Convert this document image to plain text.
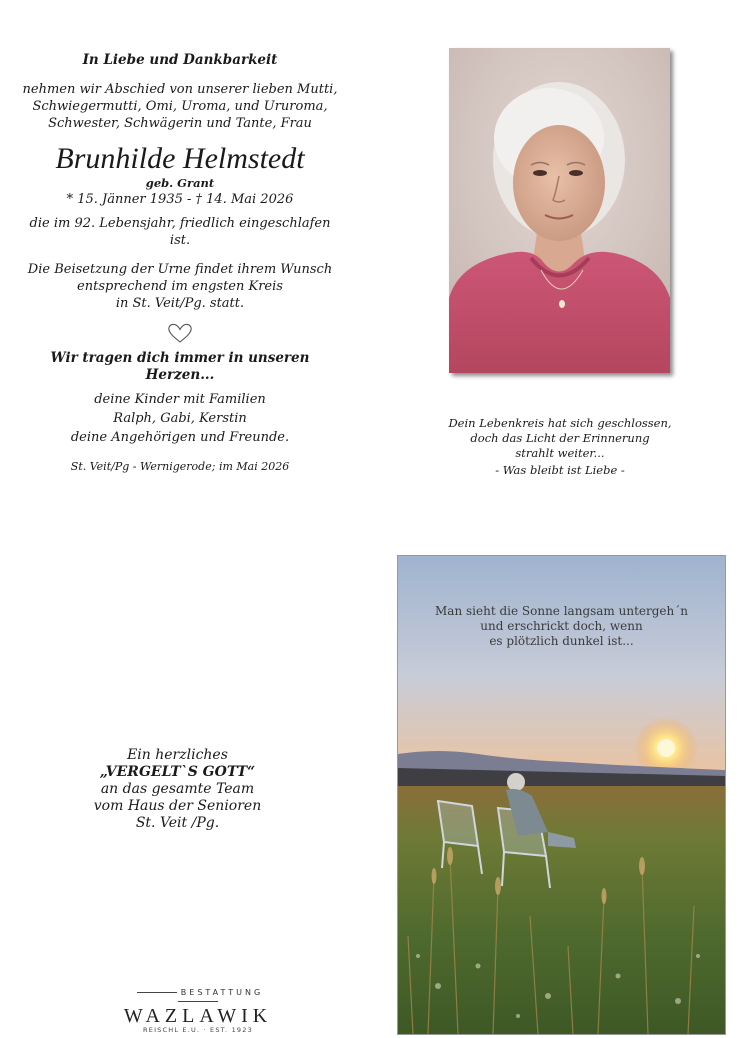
In Liebe und Dankbarkeit
nehmen wir Abschied von unserer lieben Mutti,
Schwiegermutti, Omi, Uroma, und Ururoma,
Schwester, Schwägerin und Tante, Frau
Brunhilde Helmstedt
geb. Grant
* 15. Jänner 1935 - † 14. Mai 2026
die im 92. Lebensjahr, friedlich eingeschlafen ist.
Die Beisetzung der Urne findet ihrem Wunsch
entsprechend im engsten Kreis
in St. Veit/Pg. statt.
Wir tragen dich immer in unseren Herzen...
deine Kinder mit Familien
Ralph, Gabi, Kerstin
deine Angehörigen und Freunde.
St. Veit/Pg - Wernigerode; im Mai 2026
Dein Lebenkreis hat sich geschlossen,
doch das Licht der Erinnerung
strahlt weiter...
- Was bleibt ist Liebe -
Ein herzliches
„VERGELT`S GOTT“
an das gesamte Team
vom Haus der Senioren
St. Veit /Pg.
BESTATTUNG
WAZLAWIK
REISCHL E.U. · EST. 1923
Man sieht die Sonne langsam untergeh´n
und erschrickt doch, wenn
es plötzlich dunkel ist...
